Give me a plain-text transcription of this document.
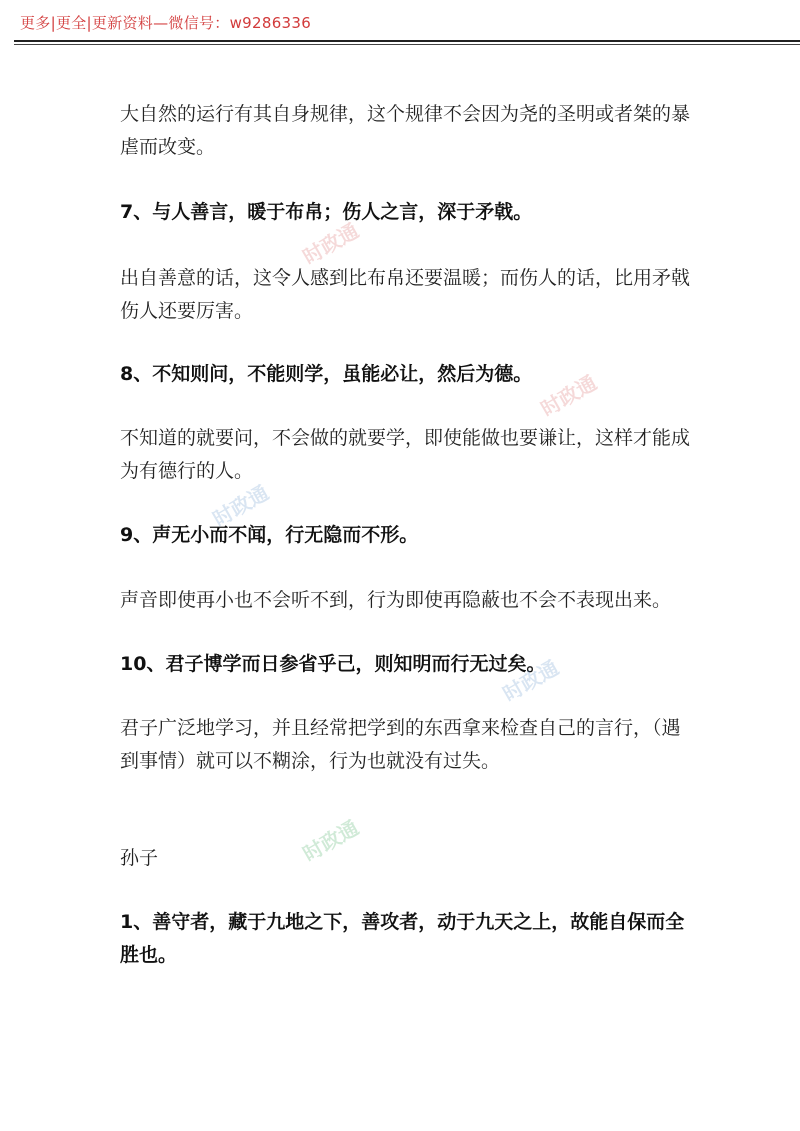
更多|更全|更新资料—微信号：w9286336
大自然的运行有其自身规律，这个规律不会因为尧的圣明或者桀的暴虐而改变。
7、与人善言，暖于布帛；伤人之言，深于矛戟。
出自善意的话，这令人感到比布帛还要温暖；而伤人的话，比用矛戟伤人还要厉害。
8、不知则问，不能则学，虽能必让，然后为德。
不知道的就要问，不会做的就要学，即使能做也要谦让，这样才能成为有德行的人。
9、声无小而不闻，行无隐而不形。
声音即使再小也不会听不到，行为即使再隐蔽也不会不表现出来。
10、君子博学而日参省乎己，则知明而行无过矣。
君子广泛地学习，并且经常把学到的东西拿来检查自己的言行，（遇到事情）就可以不糊涂，行为也就没有过失。
孙子
1、善守者，藏于九地之下，善攻者，动于九天之上，故能自保而全胜也。
时政通
时政通
时政通
时政通
时政通
